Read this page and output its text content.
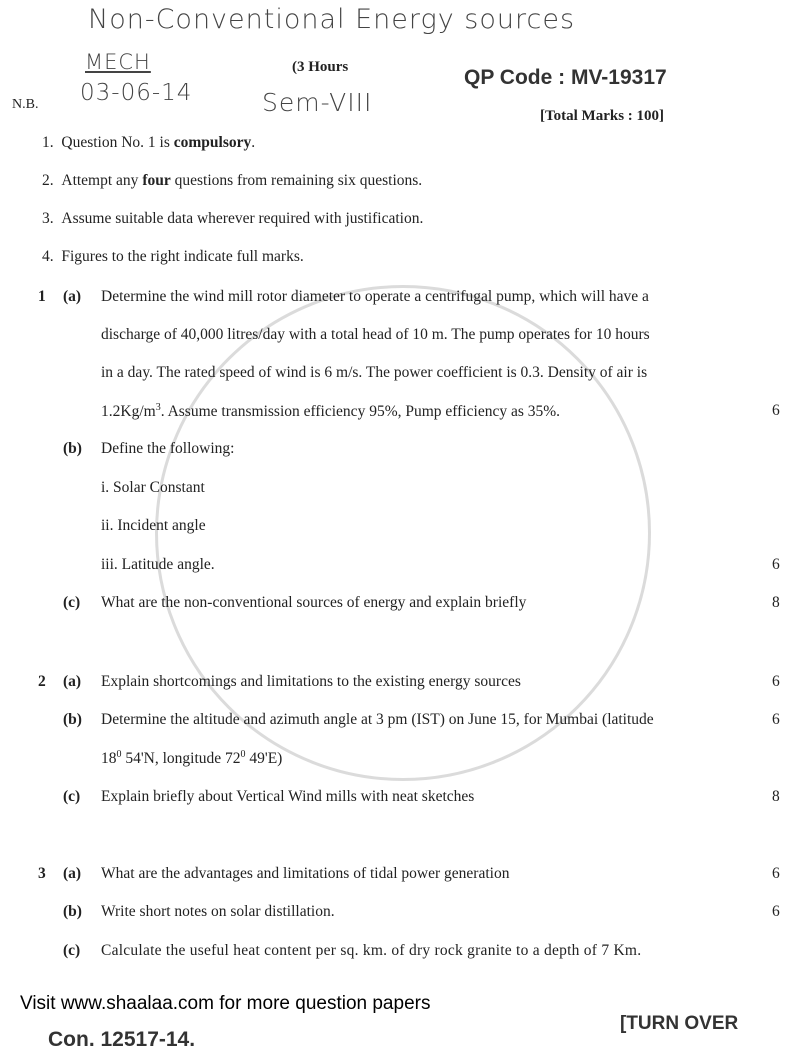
Non-Conventional Energy sources
MECH
03-06-14
(3 Hours	QP Code : MV-19317
N.B.	Sem-VIII	[Total Marks : 100]
1. Question No. 1 is compulsory.
2. Attempt any four questions from remaining six questions.
3. Assume suitable data wherever required with justification.
4. Figures to the right indicate full marks.
1 (a) Determine the wind mill rotor diameter to operate a centrifugal pump, which will have a
discharge of 40,000 litres/day with a total head of 10 m. The pump operates for 10 hours
in a day. The rated speed of wind is 6 m/s. The power coefficient is 0.3. Density of air is
$1.2Kg/m^3$. Assume transmission efficiency 95%, Pump efficiency as 35%.	6
(b) Define the following:
i. Solar Constant
ii. Incident angle
iii. Latitude angle.	6
(c) What are the non-conventional sources of energy and explain briefly	8
2 (a) Explain shortcomings and limitations to the existing energy sources	6
(b) Determine the altitude and azimuth angle at 3 pm (IST) on June 15, for Mumbai (latitude	6
$18^0$ 54'N, longitude $72^0$ 49'E)
(c) Explain briefly about Vertical Wind mills with neat sketches	8
3 (a) What are the advantages and limitations of tidal power generation	6
(b) Write short notes on solar distillation.	6
(c) Calculate the useful heat content per sq. km. of dry rock granite to a depth of 7 Km.
Visit www.shaalaa.com for more question papers
Con. 12517-14.
[TURN OVER
